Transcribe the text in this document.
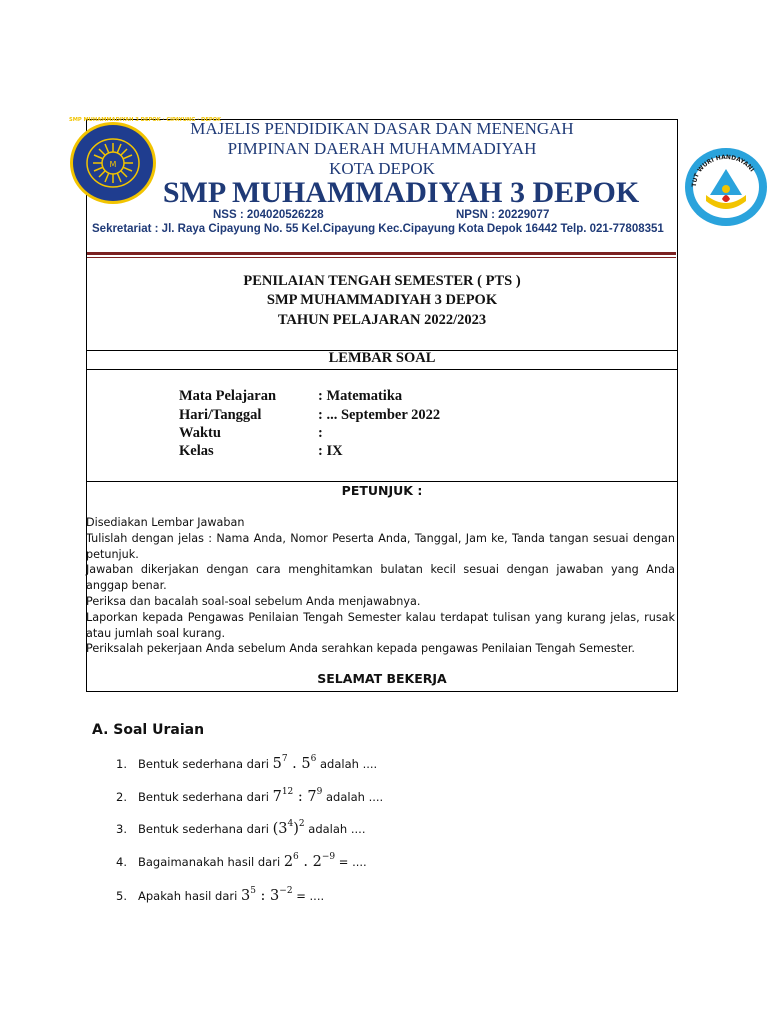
M
SMP MUHAMMADIYAH 3 DEPOK · CIPAYUNG · DEPOK
TUT WURI HANDAYANI
MAJELIS PENDIDIKAN DASAR DAN MENENGAH
PIMPINAN DAERAH MUHAMMADIYAH
KOTA DEPOK
SMP MUHAMMADIYAH 3 DEPOK
NSS : 204020526228	NPSN : 20229077
Sekretariat : Jl. Raya Cipayung No. 55 Kel.Cipayung Kec.Cipayung Kota Depok 16442 Telp. 021-77808351
PENILAIAN TENGAH SEMESTER ( PTS )
SMP MUHAMMADIYAH 3 DEPOK
TAHUN PELAJARAN 2022/2023
LEMBAR SOAL
Mata Pelajaran	: Matematika
Hari/Tanggal	: ... September 2022
Waktu	:
Kelas	: IX
PETUNJUK :
Disediakan Lembar Jawaban
Tulislah dengan jelas : Nama Anda, Nomor Peserta Anda, Tanggal, Jam ke, Tanda tangan sesuai dengan petunjuk.
Jawaban dikerjakan dengan cara menghitamkan bulatan kecil sesuai dengan jawaban yang Anda anggap benar.
Periksa dan bacalah soal-soal sebelum Anda menjawabnya.
Laporkan kepada Pengawas Penilaian Tengah Semester kalau terdapat tulisan yang kurang jelas, rusak atau jumlah soal kurang.
Periksalah pekerjaan Anda sebelum Anda serahkan kepada pengawas Penilaian Tengah Semester.
SELAMAT BEKERJA
A. Soal Uraian
1. Bentuk sederhana dari $5^7$ . $5^6$ adalah ....
2. Bentuk sederhana dari $7^{12}$ : $7^9$ adalah ....
3. Bentuk sederhana dari $(3^4)^2$ adalah ....
4. Bagaimanakah hasil dari $2^6$ . $2^{-9}$ = ....
5. Apakah hasil dari $3^5$ : $3^{-2}$ = ....
